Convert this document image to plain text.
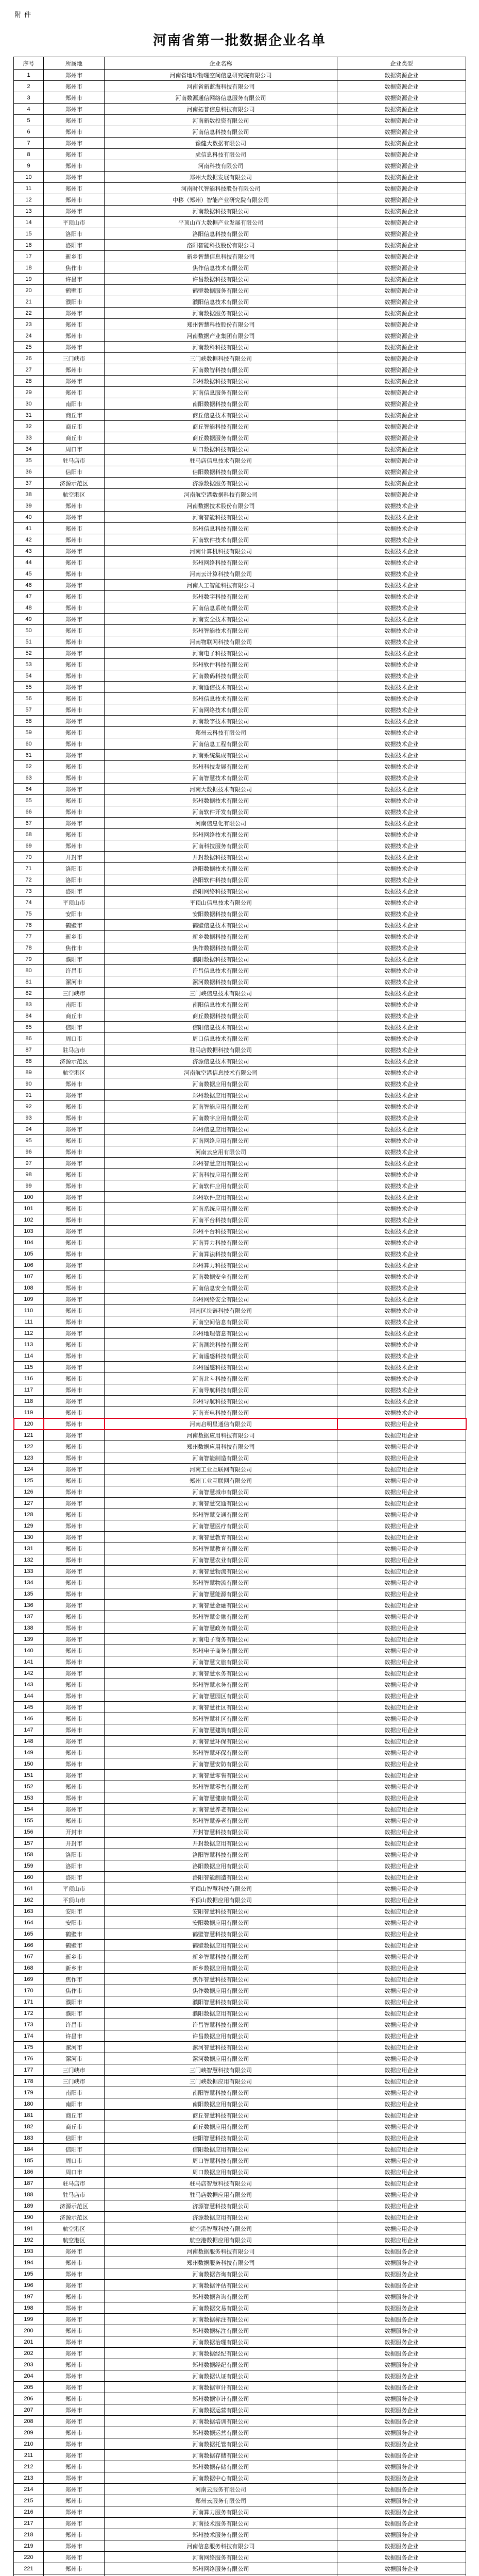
附件
河南省第一批数据企业名单
序号	所属地	企业名称	企业类型
1	郑州市	河南省地球物理空间信息研究院有限公司	数据资源企业
2	郑州市	河南省新蓝海科技有限公司	数据资源企业
3	郑州市	河南数源通信网络信息服务有限公司	数据资源企业
4	郑州市	河南拓普信息科技有限公司	数据资源企业
5	郑州市	河南新数投资有限公司	数据资源企业
6	郑州市	河南信息科技有限公司	数据资源企业
7	郑州市	豫健大数据有限公司	数据资源企业
8	郑州市	虎信息科技有限公司	数据资源企业
9	郑州市	河南科技有限公司	数据资源企业
10	郑州市	郑州大数据发展有限公司	数据资源企业
11	郑州市	河南时代智能科技股份有限公司	数据资源企业
12	郑州市	中移（郑州）智能产业研究院有限公司	数据资源企业
13	郑州市	河南数据科技有限公司	数据资源企业
14	平顶山市	平顶山市大数据产业发展有限公司	数据资源企业
15	洛阳市	洛阳信息科技有限公司	数据资源企业
16	洛阳市	洛阳智能科技股份有限公司	数据资源企业
17	新乡市	新乡智慧信息科技有限公司	数据资源企业
18	焦作市	焦作信息技术有限公司	数据资源企业
19	许昌市	许昌数据科技有限公司	数据资源企业
20	鹤壁市	鹤壁数据服务有限公司	数据资源企业
21	濮阳市	濮阳信息技术有限公司	数据资源企业
22	郑州市	河南数据服务有限公司	数据资源企业
23	郑州市	郑州智慧科技股份有限公司	数据资源企业
24	郑州市	河南数据产业集团有限公司	数据资源企业
25	郑州市	河南数科科技有限公司	数据资源企业
26	三门峡市	三门峡数据科技有限公司	数据资源企业
27	郑州市	河南数智科技有限公司	数据资源企业
28	郑州市	郑州数据科技有限公司	数据资源企业
29	郑州市	河南信息服务有限公司	数据资源企业
30	南阳市	南阳数据科技有限公司	数据资源企业
31	商丘市	商丘信息技术有限公司	数据资源企业
32	商丘市	商丘智能科技有限公司	数据资源企业
33	商丘市	商丘数据服务有限公司	数据资源企业
34	周口市	周口数据科技有限公司	数据资源企业
35	驻马店市	驻马店信息技术有限公司	数据资源企业
36	信阳市	信阳数据科技有限公司	数据资源企业
37	济源示范区	济源数据服务有限公司	数据资源企业
38	航空港区	河南航空港数据科技有限公司	数据资源企业
39	郑州市	河南数据技术股份有限公司	数据技术企业
40	郑州市	河南智能科技有限公司	数据技术企业
41	郑州市	郑州信息科技有限公司	数据技术企业
42	郑州市	河南软件技术有限公司	数据技术企业
43	郑州市	河南计算机科技有限公司	数据技术企业
44	郑州市	郑州网络科技有限公司	数据技术企业
45	郑州市	河南云计算科技有限公司	数据技术企业
46	郑州市	河南人工智能科技有限公司	数据技术企业
47	郑州市	郑州数字科技有限公司	数据技术企业
48	郑州市	河南信息系统有限公司	数据技术企业
49	郑州市	河南安全技术有限公司	数据技术企业
50	郑州市	郑州智能技术有限公司	数据技术企业
51	郑州市	河南物联网科技有限公司	数据技术企业
52	郑州市	河南电子科技有限公司	数据技术企业
53	郑州市	郑州软件科技有限公司	数据技术企业
54	郑州市	河南数码科技有限公司	数据技术企业
55	郑州市	河南通信技术有限公司	数据技术企业
56	郑州市	郑州信息技术有限公司	数据技术企业
57	郑州市	河南网络技术有限公司	数据技术企业
58	郑州市	河南数字技术有限公司	数据技术企业
59	郑州市	郑州云科技有限公司	数据技术企业
60	郑州市	河南信息工程有限公司	数据技术企业
61	郑州市	河南系统集成有限公司	数据技术企业
62	郑州市	郑州科技发展有限公司	数据技术企业
63	郑州市	河南智慧技术有限公司	数据技术企业
64	郑州市	河南大数据技术有限公司	数据技术企业
65	郑州市	郑州数据技术有限公司	数据技术企业
66	郑州市	河南软件开发有限公司	数据技术企业
67	郑州市	河南信息化有限公司	数据技术企业
68	郑州市	郑州网络技术有限公司	数据技术企业
69	郑州市	河南科技服务有限公司	数据技术企业
70	开封市	开封数据科技有限公司	数据技术企业
71	洛阳市	洛阳数据技术有限公司	数据技术企业
72	洛阳市	洛阳软件科技有限公司	数据技术企业
73	洛阳市	洛阳网络科技有限公司	数据技术企业
74	平顶山市	平顶山信息技术有限公司	数据技术企业
75	安阳市	安阳数据科技有限公司	数据技术企业
76	鹤壁市	鹤壁信息技术有限公司	数据技术企业
77	新乡市	新乡数据科技有限公司	数据技术企业
78	焦作市	焦作数据科技有限公司	数据技术企业
79	濮阳市	濮阳数据科技有限公司	数据技术企业
80	许昌市	许昌信息技术有限公司	数据技术企业
81	漯河市	漯河数据科技有限公司	数据技术企业
82	三门峡市	三门峡信息技术有限公司	数据技术企业
83	南阳市	南阳信息技术有限公司	数据技术企业
84	商丘市	商丘数据科技有限公司	数据技术企业
85	信阳市	信阳信息技术有限公司	数据技术企业
86	周口市	周口信息技术有限公司	数据技术企业
87	驻马店市	驻马店数据科技有限公司	数据技术企业
88	济源示范区	济源信息技术有限公司	数据技术企业
89	航空港区	河南航空港信息技术有限公司	数据技术企业
90	郑州市	河南数据应用有限公司	数据技术企业
91	郑州市	郑州数据应用有限公司	数据技术企业
92	郑州市	河南智能应用有限公司	数据技术企业
93	郑州市	河南数字应用有限公司	数据技术企业
94	郑州市	郑州信息应用有限公司	数据技术企业
95	郑州市	河南网络应用有限公司	数据技术企业
96	郑州市	河南云应用有限公司	数据技术企业
97	郑州市	郑州智慧应用有限公司	数据技术企业
98	郑州市	河南科技应用有限公司	数据技术企业
99	郑州市	河南软件应用有限公司	数据技术企业
100	郑州市	郑州软件应用有限公司	数据技术企业
101	郑州市	河南系统应用有限公司	数据技术企业
102	郑州市	河南平台科技有限公司	数据技术企业
103	郑州市	郑州平台科技有限公司	数据技术企业
104	郑州市	河南算力科技有限公司	数据技术企业
105	郑州市	河南算法科技有限公司	数据技术企业
106	郑州市	郑州算力科技有限公司	数据技术企业
107	郑州市	河南数据安全有限公司	数据技术企业
108	郑州市	河南信息安全有限公司	数据技术企业
109	郑州市	郑州网络安全有限公司	数据技术企业
110	郑州市	河南区块链科技有限公司	数据技术企业
111	郑州市	河南空间信息有限公司	数据技术企业
112	郑州市	郑州地理信息有限公司	数据技术企业
113	郑州市	河南测绘科技有限公司	数据技术企业
114	郑州市	河南遥感科技有限公司	数据技术企业
115	郑州市	郑州遥感科技有限公司	数据技术企业
116	郑州市	河南北斗科技有限公司	数据技术企业
117	郑州市	河南导航科技有限公司	数据技术企业
118	郑州市	郑州导航科技有限公司	数据技术企业
119	郑州市	河南光电科技有限公司	数据技术企业
120	郑州市	河南启明星通信有限公司	数据应用企业
121	郑州市	河南数据应用科技有限公司	数据应用企业
122	郑州市	郑州数据应用科技有限公司	数据应用企业
123	郑州市	河南智能制造有限公司	数据应用企业
124	郑州市	河南工业互联网有限公司	数据应用企业
125	郑州市	郑州工业互联网有限公司	数据应用企业
126	郑州市	河南智慧城市有限公司	数据应用企业
127	郑州市	河南智慧交通有限公司	数据应用企业
128	郑州市	郑州智慧交通有限公司	数据应用企业
129	郑州市	河南智慧医疗有限公司	数据应用企业
130	郑州市	河南智慧教育有限公司	数据应用企业
131	郑州市	郑州智慧教育有限公司	数据应用企业
132	郑州市	河南智慧农业有限公司	数据应用企业
133	郑州市	河南智慧物流有限公司	数据应用企业
134	郑州市	郑州智慧物流有限公司	数据应用企业
135	郑州市	河南智慧能源有限公司	数据应用企业
136	郑州市	河南智慧金融有限公司	数据应用企业
137	郑州市	郑州智慧金融有限公司	数据应用企业
138	郑州市	河南智慧政务有限公司	数据应用企业
139	郑州市	河南电子商务有限公司	数据应用企业
140	郑州市	郑州电子商务有限公司	数据应用企业
141	郑州市	河南智慧文旅有限公司	数据应用企业
142	郑州市	河南智慧水务有限公司	数据应用企业
143	郑州市	郑州智慧水务有限公司	数据应用企业
144	郑州市	河南智慧园区有限公司	数据应用企业
145	郑州市	河南智慧社区有限公司	数据应用企业
146	郑州市	郑州智慧社区有限公司	数据应用企业
147	郑州市	河南智慧建筑有限公司	数据应用企业
148	郑州市	河南智慧环保有限公司	数据应用企业
149	郑州市	郑州智慧环保有限公司	数据应用企业
150	郑州市	河南智慧安防有限公司	数据应用企业
151	郑州市	河南智慧零售有限公司	数据应用企业
152	郑州市	郑州智慧零售有限公司	数据应用企业
153	郑州市	河南智慧健康有限公司	数据应用企业
154	郑州市	河南智慧养老有限公司	数据应用企业
155	郑州市	郑州智慧养老有限公司	数据应用企业
156	开封市	开封智慧科技有限公司	数据应用企业
157	开封市	开封数据应用有限公司	数据应用企业
158	洛阳市	洛阳智慧科技有限公司	数据应用企业
159	洛阳市	洛阳数据应用有限公司	数据应用企业
160	洛阳市	洛阳智能制造有限公司	数据应用企业
161	平顶山市	平顶山智慧科技有限公司	数据应用企业
162	平顶山市	平顶山数据应用有限公司	数据应用企业
163	安阳市	安阳智慧科技有限公司	数据应用企业
164	安阳市	安阳数据应用有限公司	数据应用企业
165	鹤壁市	鹤壁智慧科技有限公司	数据应用企业
166	鹤壁市	鹤壁数据应用有限公司	数据应用企业
167	新乡市	新乡智慧科技有限公司	数据应用企业
168	新乡市	新乡数据应用有限公司	数据应用企业
169	焦作市	焦作智慧科技有限公司	数据应用企业
170	焦作市	焦作数据应用有限公司	数据应用企业
171	濮阳市	濮阳智慧科技有限公司	数据应用企业
172	濮阳市	濮阳数据应用有限公司	数据应用企业
173	许昌市	许昌智慧科技有限公司	数据应用企业
174	许昌市	许昌数据应用有限公司	数据应用企业
175	漯河市	漯河智慧科技有限公司	数据应用企业
176	漯河市	漯河数据应用有限公司	数据应用企业
177	三门峡市	三门峡智慧科技有限公司	数据应用企业
178	三门峡市	三门峡数据应用有限公司	数据应用企业
179	南阳市	南阳智慧科技有限公司	数据应用企业
180	南阳市	南阳数据应用有限公司	数据应用企业
181	商丘市	商丘智慧科技有限公司	数据应用企业
182	商丘市	商丘数据应用有限公司	数据应用企业
183	信阳市	信阳智慧科技有限公司	数据应用企业
184	信阳市	信阳数据应用有限公司	数据应用企业
185	周口市	周口智慧科技有限公司	数据应用企业
186	周口市	周口数据应用有限公司	数据应用企业
187	驻马店市	驻马店智慧科技有限公司	数据应用企业
188	驻马店市	驻马店数据应用有限公司	数据应用企业
189	济源示范区	济源智慧科技有限公司	数据应用企业
190	济源示范区	济源数据应用有限公司	数据应用企业
191	航空港区	航空港智慧科技有限公司	数据应用企业
192	航空港区	航空港数据应用有限公司	数据应用企业
193	郑州市	河南数据服务科技有限公司	数据服务企业
194	郑州市	郑州数据服务科技有限公司	数据服务企业
195	郑州市	河南数据咨询有限公司	数据服务企业
196	郑州市	河南数据评估有限公司	数据服务企业
197	郑州市	郑州数据咨询有限公司	数据服务企业
198	郑州市	河南数据交易有限公司	数据服务企业
199	郑州市	河南数据标注有限公司	数据服务企业
200	郑州市	郑州数据标注有限公司	数据服务企业
201	郑州市	河南数据治理有限公司	数据服务企业
202	郑州市	河南数据经纪有限公司	数据服务企业
203	郑州市	郑州数据经纪有限公司	数据服务企业
204	郑州市	河南数据认证有限公司	数据服务企业
205	郑州市	河南数据审计有限公司	数据服务企业
206	郑州市	郑州数据审计有限公司	数据服务企业
207	郑州市	河南数据运营有限公司	数据服务企业
208	郑州市	河南数据培训有限公司	数据服务企业
209	郑州市	郑州数据运营有限公司	数据服务企业
210	郑州市	河南数据托管有限公司	数据服务企业
211	郑州市	河南数据存储有限公司	数据服务企业
212	郑州市	郑州数据存储有限公司	数据服务企业
213	郑州市	河南数据中心有限公司	数据服务企业
214	郑州市	河南云服务有限公司	数据服务企业
215	郑州市	郑州云服务有限公司	数据服务企业
216	郑州市	河南算力服务有限公司	数据服务企业
217	郑州市	河南技术服务有限公司	数据服务企业
218	郑州市	郑州技术服务有限公司	数据服务企业
219	郑州市	河南信息服务科技有限公司	数据服务企业
220	郑州市	河南网络服务有限公司	数据服务企业
221	郑州市	郑州网络服务有限公司	数据服务企业
